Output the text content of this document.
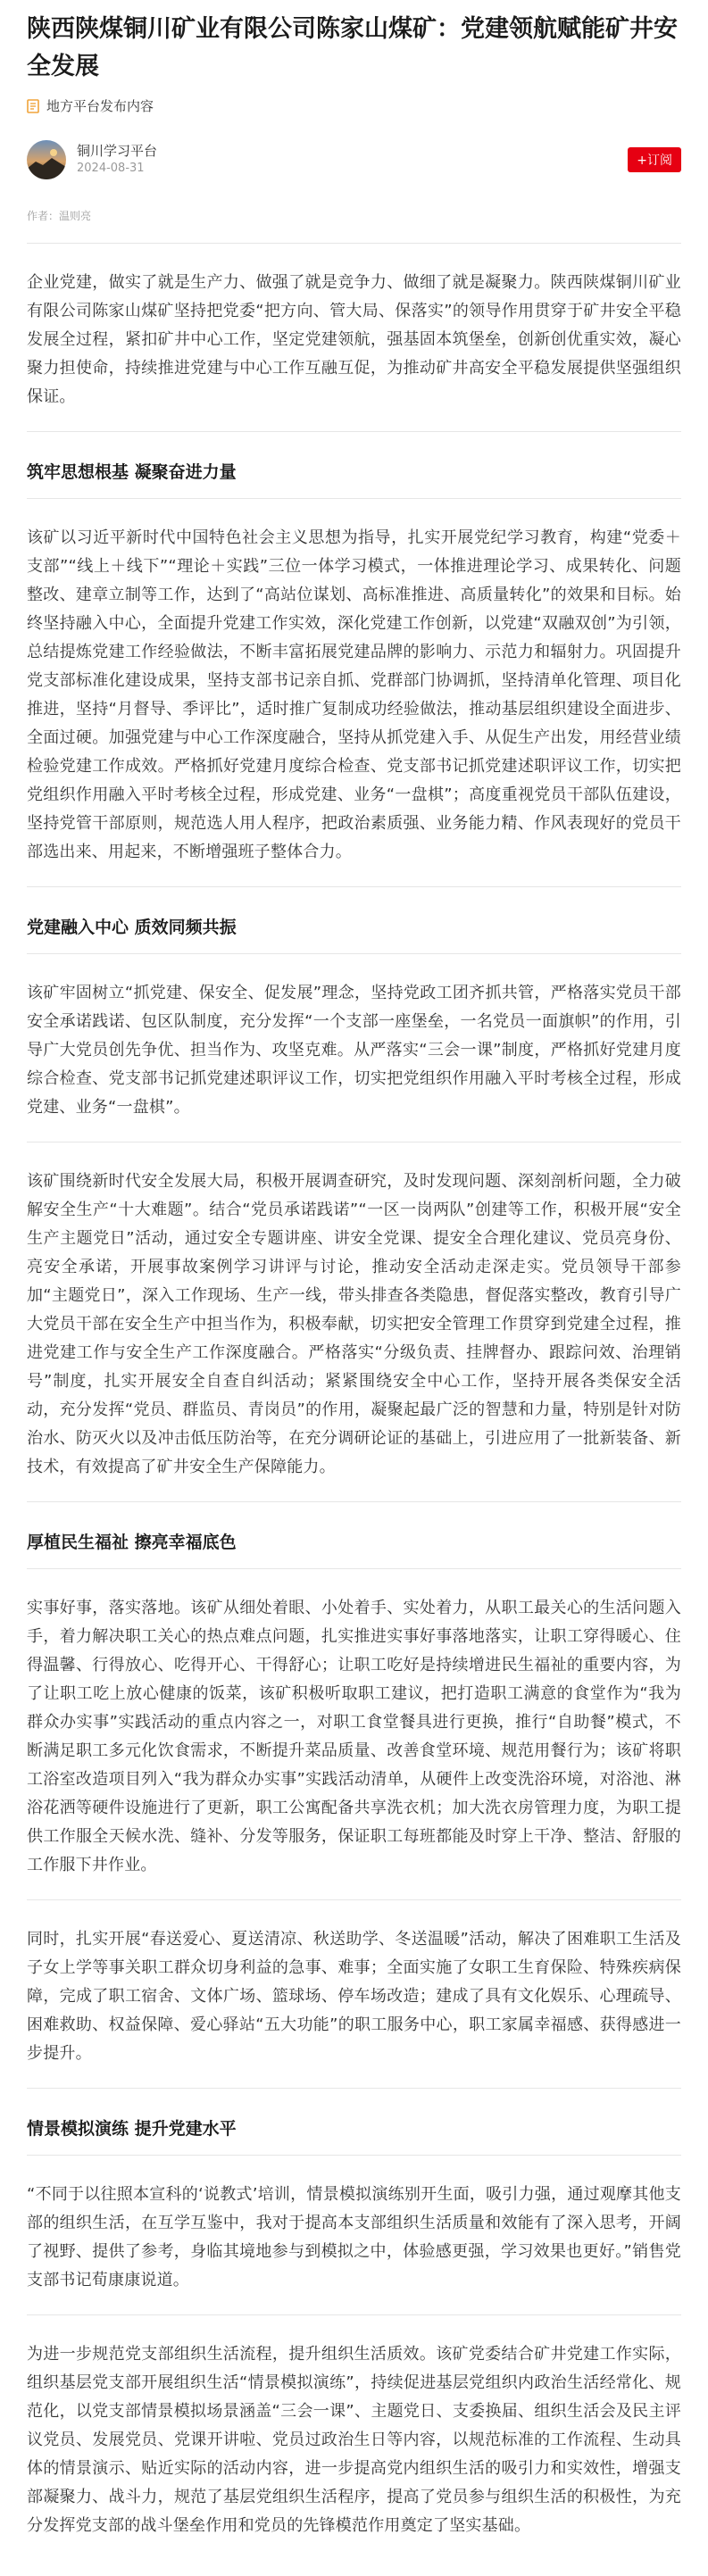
陕西陕煤铜川矿业有限公司陈家山煤矿：党建领航赋能矿井安全发展
地方平台发布内容
铜川学习平台
2024-08-31
+订阅
作者：温则亮

企业党建，做实了就是生产力、做强了就是竞争力、做细了就是凝聚力。陕西陕煤铜川矿业有限公司陈家山煤矿坚持把党委“把方向、管大局、保落实”的领导作用贯穿于矿井安全平稳发展全过程，紧扣矿井中心工作，坚定党建领航，强基固本筑堡垒，创新创优重实效，凝心聚力担使命，持续推进党建与中心工作互融互促，为推动矿井高安全平稳发展提供坚强组织保证。

筑牢思想根基 凝聚奋进力量

该矿以习近平新时代中国特色社会主义思想为指导，扎实开展党纪学习教育，构建“党委＋支部”“线上＋线下”“理论＋实践”三位一体学习模式，一体推进理论学习、成果转化、问题整改、建章立制等工作，达到了“高站位谋划、高标准推进、高质量转化”的效果和目标。始终坚持融入中心，全面提升党建工作实效，深化党建工作创新，以党建“双融双创”为引领，总结提炼党建工作经验做法，不断丰富拓展党建品牌的影响力、示范力和辐射力。巩固提升党支部标准化建设成果，坚持支部书记亲自抓、党群部门协调抓，坚持清单化管理、项目化推进，坚持“月督导、季评比”，适时推广复制成功经验做法，推动基层组织建设全面进步、全面过硬。加强党建与中心工作深度融合，坚持从抓党建入手、从促生产出发，用经营业绩检验党建工作成效。严格抓好党建月度综合检查、党支部书记抓党建述职评议工作，切实把党组织作用融入平时考核全过程，形成党建、业务“一盘棋”；高度重视党员干部队伍建设，坚持党管干部原则，规范选人用人程序，把政治素质强、业务能力精、作风表现好的党员干部选出来、用起来，不断增强班子整体合力。

党建融入中心 质效同频共振

该矿牢固树立“抓党建、保安全、促发展”理念，坚持党政工团齐抓共管，严格落实党员干部安全承诺践诺、包区队制度，充分发挥“一个支部一座堡垒，一名党员一面旗帜”的作用，引导广大党员创先争优、担当作为、攻坚克难。从严落实“三会一课”制度，严格抓好党建月度综合检查、党支部书记抓党建述职评议工作，切实把党组织作用融入平时考核全过程，形成党建、业务“一盘棋”。

该矿围绕新时代安全发展大局，积极开展调查研究，及时发现问题、深刻剖析问题，全力破解安全生产“十大难题”。结合“党员承诺践诺”“一区一岗两队”创建等工作，积极开展“安全生产主题党日”活动，通过安全专题讲座、讲安全党课、提安全合理化建议、党员亮身份、亮安全承诺，开展事故案例学习讲评与讨论，推动安全活动走深走实。党员领导干部参加“主题党日”，深入工作现场、生产一线，带头排查各类隐患，督促落实整改，教育引导广大党员干部在安全生产中担当作为，积极奉献，切实把安全管理工作贯穿到党建全过程，推进党建工作与安全生产工作深度融合。严格落实“分级负责、挂牌督办、跟踪问效、治理销号”制度，扎实开展安全自查自纠活动；紧紧围绕安全中心工作，坚持开展各类保安全活动，充分发挥“党员、群监员、青岗员”的作用，凝聚起最广泛的智慧和力量，特别是针对防治水、防灭火以及冲击低压防治等，在充分调研论证的基础上，引进应用了一批新装备、新技术，有效提高了矿井安全生产保障能力。

厚植民生福祉 擦亮幸福底色

实事好事，落实落地。该矿从细处着眼、小处着手、实处着力，从职工最关心的生活问题入手，着力解决职工关心的热点难点问题，扎实推进实事好事落地落实，让职工穿得暖心、住得温馨、行得放心、吃得开心、干得舒心；让职工吃好是持续增进民生福祉的重要内容，为了让职工吃上放心健康的饭菜，该矿积极听取职工建议，把打造职工满意的食堂作为“我为群众办实事”实践活动的重点内容之一，对职工食堂餐具进行更换，推行“自助餐”模式，不断满足职工多元化饮食需求，不断提升菜品质量、改善食堂环境、规范用餐行为；该矿将职工浴室改造项目列入“我为群众办实事”实践活动清单，从硬件上改变洗浴环境，对浴池、淋浴花洒等硬件设施进行了更新，职工公寓配备共享洗衣机；加大洗衣房管理力度，为职工提供工作服全天候水洗、缝补、分发等服务，保证职工每班都能及时穿上干净、整洁、舒服的工作服下井作业。

同时，扎实开展“春送爱心、夏送清凉、秋送助学、冬送温暖”活动，解决了困难职工生活及子女上学等事关职工群众切身利益的急事、难事；全面实施了女职工生育保险、特殊疾病保障，完成了职工宿舍、文体广场、篮球场、停车场改造；建成了具有文化娱乐、心理疏导、困难救助、权益保障、爱心驿站“五大功能”的职工服务中心，职工家属幸福感、获得感进一步提升。

情景模拟演练 提升党建水平

“不同于以往照本宣科的‘说教式’培训，情景模拟演练别开生面，吸引力强，通过观摩其他支部的组织生活，在互学互鉴中，我对于提高本支部组织生活质量和效能有了深入思考，开阔了视野、提供了参考，身临其境地参与到模拟之中，体验感更强，学习效果也更好。”销售党支部书记荀康康说道。

为进一步规范党支部组织生活流程，提升组织生活质效。该矿党委结合矿井党建工作实际，组织基层党支部开展组织生活“情景模拟演练”，持续促进基层党组织内政治生活经常化、规范化，以党支部情景模拟场景涵盖“三会一课”、主题党日、支委换届、组织生活会及民主评议党员、发展党员、党课开讲啦、党员过政治生日等内容，以规范标准的工作流程、生动具体的情景演示、贴近实际的活动内容，进一步提高党内组织生活的吸引力和实效性，增强支部凝聚力、战斗力，规范了基层党组织生活程序，提高了党员参与组织生活的积极性，为充分发挥党支部的战斗堡垒作用和党员的先锋模范作用奠定了坚实基础。
